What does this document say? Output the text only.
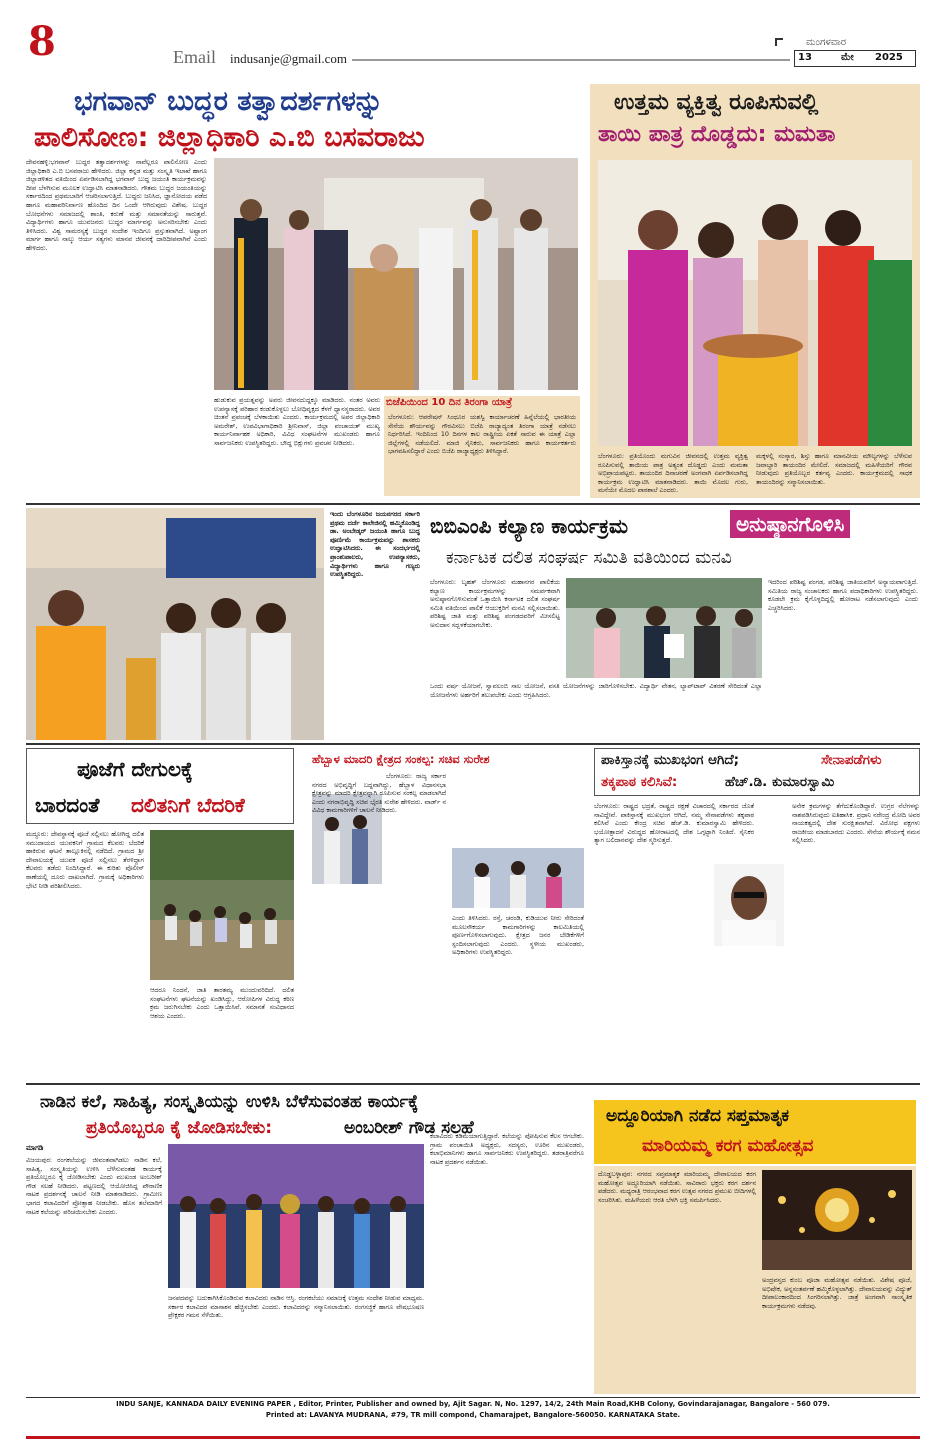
8	Email indusanje@gmail.com
ಮಂಗಳವಾರ
13	ಮೇ 2025
ಭಗವಾನ್ ಬುದ್ಧರ ತತ್ವಾದರ್ಶಗಳನ್ನು
ಪಾಲಿಸೋಣ: ಜಿಲ್ಲಾಧಿಕಾರಿ ಎ.ಬಿ ಬಸವರಾಜು
ದೇವನಹಳ್ಳಿ:ಭಗವಾನ್ ಬುದ್ಧರ ತತ್ವಾದರ್ಶಗಳನ್ನು ನಾವೆಲ್ಲರೂ ಪಾಲಿಸೋಣ ಎಂದು ಜಿಲ್ಲಾಧಿಕಾರಿ ಎ.ಬಿ ಬಸವರಾಜು ಹೇಳಿದರು. ಜಿಲ್ಲಾ ಕನ್ನಡ ಮತ್ತು ಸಂಸ್ಕೃತಿ ಇಲಾಖೆ ಹಾಗೂ ಜಿಲ್ಲಾಡಳಿತದ ವತಿಯಿಂದ ಏರ್ಪಡಿಸಲಾಗಿದ್ದ ಭಗವಾನ್ ಬುದ್ಧ ಜಯಂತಿ ಕಾರ್ಯಕ್ರಮವನ್ನು ದೀಪ ಬೆಳಗಿಸುವ ಮೂಲಕ ಉದ್ಘಾಟಿಸಿ ಮಾತನಾಡಿದರು. ಗೌತಮ ಬುದ್ಧರ ಜಯಂತಿಯನ್ನು ಸರ್ಕಾರದಿಂದ ಪ್ರಥಮಬಾರಿಗೆ ಆಚರಿಸಲಾಗುತ್ತಿದೆ. ಬುದ್ಧರು ಜನಿಸಿದ, ಜ್ಞಾನೋದಯ ಪಡೆದ ಹಾಗೂ ಮಹಾಪರಿನಿರ್ವಾಣ ಹೊಂದಿದ ದಿನ ಒಂದೇ ಆಗಿರುವುದು ವಿಶೇಷ. ಬುದ್ಧರ ಬೋಧನೆಗಳು ಸಮಾಜದಲ್ಲಿ ಶಾಂತಿ, ಕರುಣೆ ಮತ್ತು ಸಮಾನತೆಯನ್ನು ಸಾರುತ್ತವೆ. ವಿದ್ಯಾರ್ಥಿಗಳು ಹಾಗೂ ಯುವಜನರು ಬುದ್ಧರ ಮಾರ್ಗವನ್ನು ಅನುಸರಿಸಬೇಕು ಎಂದು ತಿಳಿಸಿದರು. ವಿಶ್ವ ಸಾಮರಸ್ಯಕ್ಕೆ ಬುದ್ಧರ ಸಂದೇಶ ಇಂದಿಗೂ ಪ್ರಸ್ತುತವಾಗಿದೆ. ಅಷ್ಟಾಂಗ ಮಾರ್ಗ ಹಾಗೂ ನಾಲ್ಕು ಆರ್ಯ ಸತ್ಯಗಳು ಮಾನವ ಜೀವನಕ್ಕೆ ದಾರಿದೀಪವಾಗಿವೆ ಎಂದು ಹೇಳಿದರು.
ಹುಡುಕುವ ಪ್ರಯತ್ನವನ್ನು ಅವರು ಜೀವನದುದ್ದಕ್ಕೂ ಮಾಡಿದರು. ನಂತರ ಅವರು ಉಪನ್ಯಾಸಕ್ಕೆ ಪರಿಹಾರ ಕಂಡುಕೊಳ್ಳಲು ಬೋಧಿವೃಕ್ಷದ ಕೆಳಗೆ ಧ್ಯಾನಸ್ಥರಾದರು. ಅವರ ಚಿಂತನೆ ಪ್ರಪಂಚಕ್ಕೆ ಬೆಳಕಾಯಿತು ಎಂದರು. ಕಾರ್ಯಕ್ರಮದಲ್ಲಿ ಅಪರ ಜಿಲ್ಲಾಧಿಕಾರಿ ಅಮರೇಶ್, ಉಪವಿಭಾಗಾಧಿಕಾರಿ ಶ್ರೀನಿವಾಸ್, ಜಿಲ್ಲಾ ಪಂಚಾಯತ್ ಮುಖ್ಯ ಕಾರ್ಯನಿರ್ವಾಹಕ ಅಧಿಕಾರಿ, ವಿವಿಧ ಸಂಘಟನೆಗಳ ಮುಖಂಡರು ಹಾಗೂ ಸಾರ್ವಜನಿಕರು ಉಪಸ್ಥಿತರಿದ್ದರು. ಬೌದ್ಧ ಭಿಕ್ಷುಗಳು ಪ್ರವಚನ ನೀಡಿದರು.
ಬಿಜೆಪಿಯಿಂದ 10 ದಿನ ತಿರಂಗಾ ಯಾತ್ರೆ
ಬೆಂಗಳೂರು: ಆಪರೇಷನ್ ಸಿಂಧೂರ ಯಶಸ್ವಿ ಕಾರ್ಯಾಚರಣೆ ಹಿನ್ನೆಲೆಯಲ್ಲಿ ಭಾರತೀಯ ಸೇನೆಯ ಶೌರ್ಯವನ್ನು ಗೌರವಿಸಲು ಬಿಜೆಪಿ ರಾಜ್ಯಾದ್ಯಂತ ತಿರಂಗಾ ಯಾತ್ರೆ ನಡೆಸಲು ನಿರ್ಧರಿಸಿದೆ. ಇಂದಿನಿಂದ 10 ದಿನಗಳ ಕಾಲ ರಾಷ್ಟ್ರೀಯ ಏಕತೆ ಸಾರುವ ಈ ಯಾತ್ರೆ ಎಲ್ಲಾ ಜಿಲ್ಲೆಗಳಲ್ಲಿ ನಡೆಯಲಿದೆ. ಮಾಜಿ ಸೈನಿಕರು, ಸಾರ್ವಜನಿಕರು ಹಾಗೂ ಕಾರ್ಯಕರ್ತರು ಭಾಗವಹಿಸಲಿದ್ದಾರೆ ಎಂದು ಬಿಜೆಪಿ ರಾಜ್ಯಾಧ್ಯಕ್ಷರು ತಿಳಿಸಿದ್ದಾರೆ.
ಉತ್ತಮ ವ್ಯಕ್ತಿತ್ವ ರೂಪಿಸುವಲ್ಲಿ
ತಾಯಿ ಪಾತ್ರ ದೊಡ್ಡದು: ಮಮತಾ
ಬೆಂಗಳೂರು: ಪ್ರತಿಯೊಂದು ಮಗುವಿನ ಜೀವನದಲ್ಲಿ ಉತ್ತಮ ವ್ಯಕ್ತಿತ್ವ ರೂಪಿಸುವಲ್ಲಿ ತಾಯಿಯ ಪಾತ್ರ ಅತ್ಯಂತ ದೊಡ್ಡದು ಎಂದು ಮಮತಾ ಅಭಿಪ್ರಾಯಪಟ್ಟರು. ತಾಯಂದಿರ ದಿನಾಚರಣೆ ಅಂಗವಾಗಿ ಏರ್ಪಡಿಸಲಾಗಿದ್ದ ಕಾರ್ಯಕ್ರಮ ಉದ್ಘಾಟಿಸಿ ಮಾತನಾಡಿದರು. ತಾಯಿ ಮೊದಲ ಗುರು, ಮನೆಯೇ ಮೊದಲ ಪಾಠಶಾಲೆ ಎಂದರು.
ಮಕ್ಕಳಲ್ಲಿ ಸಂಸ್ಕಾರ, ಶಿಸ್ತು ಹಾಗೂ ಮಾನವೀಯ ಮೌಲ್ಯಗಳನ್ನು ಬೆಳೆಸುವ ಜವಾಬ್ದಾರಿ ತಾಯಂದಿರ ಮೇಲಿದೆ. ಸಮಾಜದಲ್ಲಿ ಮಹಿಳೆಯರಿಗೆ ಗೌರವ ನೀಡುವುದು ಪ್ರತಿಯೊಬ್ಬರ ಕರ್ತವ್ಯ ಎಂದರು. ಕಾರ್ಯಕ್ರಮದಲ್ಲಿ ಸಾಧಕ ತಾಯಂದಿರನ್ನು ಸನ್ಮಾನಿಸಲಾಯಿತು.
ಇಂದು ಬೆಂಗಳೂರಿನ ಜಯನಗರದ ಸರ್ಕಾರಿ ಪ್ರಥಮ ದರ್ಜೆ ಕಾಲೇಜಿನಲ್ಲಿ ಹಮ್ಮಿಕೊಂಡಿದ್ದ ಡಾ. ಅಂಬೇಡ್ಕರ್ ಜಯಂತಿ ಹಾಗೂ ಬುದ್ಧ ಪೂರ್ಣಿಮೆ ಕಾರ್ಯಕ್ರಮವನ್ನು ಶಾಸಕರು ಉದ್ಘಾಟಿಸಿದರು. ಈ ಸಂದರ್ಭದಲ್ಲಿ ಪ್ರಾಂಶುಪಾಲರು, ಉಪನ್ಯಾಸಕರು, ವಿದ್ಯಾರ್ಥಿಗಳು ಹಾಗೂ ಗಣ್ಯರು ಉಪಸ್ಥಿತರಿದ್ದರು.
ಬಿಬಿಎಂಪಿ ಕಲ್ಯಾಣ ಕಾರ್ಯಕ್ರಮ	ಅನುಷ್ಠಾನಗೊಳಿಸಿ
ಕರ್ನಾಟಕ ದಲಿತ ಸಂಘರ್ಷ ಸಮಿತಿ ವತಿಯಿಂದ ಮನವಿ
ಬೆಂಗಳೂರು: ಬೃಹತ್ ಬೆಂಗಳೂರು ಮಹಾನಗರ ಪಾಲಿಕೆಯ ಕಲ್ಯಾಣ ಕಾರ್ಯಕ್ರಮಗಳನ್ನು ಸಮರ್ಪಕವಾಗಿ ಅನುಷ್ಠಾನಗೊಳಿಸುವಂತೆ ಒತ್ತಾಯಿಸಿ ಕರ್ನಾಟಕ ದಲಿತ ಸಂಘರ್ಷ ಸಮಿತಿ ವತಿಯಿಂದ ಪಾಲಿಕೆ ಆಯುಕ್ತರಿಗೆ ಮನವಿ ಸಲ್ಲಿಸಲಾಯಿತು. ಪರಿಶಿಷ್ಟ ಜಾತಿ ಮತ್ತು ಪರಿಶಿಷ್ಟ ಪಂಗಡದವರಿಗೆ ಮೀಸಲಿಟ್ಟ ಅನುದಾನ ಸದ್ಬಳಕೆಯಾಗಬೇಕು.
ಇದರಿಂದ ಪರಿಶಿಷ್ಟ ಪಂಗಡ, ಪರಿಶಿಷ್ಟ ಜಾತಿಯವರಿಗೆ ಅನ್ಯಾಯವಾಗುತ್ತಿದೆ. ಸಮಿತಿಯ ರಾಜ್ಯ ಸಂಚಾಲಕರು ಹಾಗೂ ಪದಾಧಿಕಾರಿಗಳು ಉಪಸ್ಥಿತರಿದ್ದರು. ಕೂಡಲೇ ಕ್ರಮ ಕೈಗೊಳ್ಳದಿದ್ದಲ್ಲಿ ಹೋರಾಟ ನಡೆಸಲಾಗುವುದು ಎಂದು ಎಚ್ಚರಿಸಿದರು.
ಒಂದು ವರ್ಷ ಯೋಜನೆ, ಸ್ವಾವಲಂಬಿ ಸಾಲ ಯೋಜನೆ, ವಸತಿ ಯೋಜನೆಗಳನ್ನು ಜಾರಿಗೊಳಿಸಬೇಕು. ವಿದ್ಯಾರ್ಥಿ ವೇತನ, ಲ್ಯಾಪ್‌ಟಾಪ್ ವಿತರಣೆ ಸೇರಿದಂತೆ ಎಲ್ಲಾ ಯೋಜನೆಗಳು ಅರ್ಹರಿಗೆ ತಲುಪಬೇಕು ಎಂದು ಆಗ್ರಹಿಸಿದರು.
ಪೂಜೆಗೆ ದೇಗುಲಕ್ಕೆ
ಬಾರದಂತೆ ದಲಿತನಿಗೆ ಬೆದರಿಕೆ
ಮದ್ದೂರು: ದೇವಸ್ಥಾನಕ್ಕೆ ಪೂಜೆ ಸಲ್ಲಿಸಲು ಹೋಗಿದ್ದ ದಲಿತ ಸಮುದಾಯದ ಯುವಕನಿಗೆ ಗ್ರಾಮದ ಕೆಲವರು ಬೆದರಿಕೆ ಹಾಕಿರುವ ಘಟನೆ ತಾಲ್ಲೂಕಿನಲ್ಲಿ ನಡೆದಿದೆ. ಗ್ರಾಮದ ಶ್ರೀ ದೇವಾಲಯಕ್ಕೆ ಯುವಕ ಪೂಜೆ ಸಲ್ಲಿಸಲು ತೆರಳಿದ್ದಾಗ ಕೆಲವರು ತಡೆದು ನಿಂದಿಸಿದ್ದಾರೆ. ಈ ಕುರಿತು ಪೊಲೀಸ್ ಠಾಣೆಯಲ್ಲಿ ದೂರು ದಾಖಲಾಗಿದೆ. ಗ್ರಾಮಕ್ಕೆ ಅಧಿಕಾರಿಗಳು ಭೇಟಿ ನೀಡಿ ಪರಿಶೀಲಿಸಿದರು.
ಆದರೂ ನಿಂದನೆ, ಜಾತಿ ತಾರತಮ್ಯ ಮುಂದುವರಿದಿದೆ. ದಲಿತ ಸಂಘಟನೆಗಳು ಘಟನೆಯನ್ನು ಖಂಡಿಸಿದ್ದು, ಆರೋಪಿಗಳ ವಿರುದ್ಧ ಕಠಿಣ ಕ್ರಮ ಜರುಗಿಸಬೇಕು ಎಂದು ಒತ್ತಾಯಿಸಿವೆ. ಸಮಾನತೆ ಸಂವಿಧಾನದ ಆಶಯ ಎಂದರು.
ಹೆಬ್ಬಾಳ ಮಾದರಿ ಕ್ಷೇತ್ರದ ಸಂಕಲ್ಪ: ಸಚಿವ ಸುರೇಶ
ಬೆಂಗಳೂರು: ರಾಜ್ಯ ಸರ್ಕಾರ ನಗರದ ಅಭಿವೃದ್ಧಿಗೆ ಬದ್ಧವಾಗಿದ್ದು, ಹೆಬ್ಬಾಳ ವಿಧಾನಸಭಾ ಕ್ಷೇತ್ರವನ್ನು ಮಾದರಿ ಕ್ಷೇತ್ರವನ್ನಾಗಿ ರೂಪಿಸುವ ಸಂಕಲ್ಪ ಮಾಡಲಾಗಿದೆ ಎಂದು ನಗರಾಭಿವೃದ್ಧಿ ಸಚಿವ ಭೈರತಿ ಸುರೇಶ ಹೇಳಿದರು. ವಾರ್ಡ್ ನ ವಿವಿಧ ಕಾಮಗಾರಿಗಳಿಗೆ ಚಾಲನೆ ನೀಡಿದರು.
ಎಂದು ತಿಳಿಸಿದರು. ರಸ್ತೆ, ಚರಂಡಿ, ಕುಡಿಯುವ ನೀರು ಸೇರಿದಂತೆ ಮೂಲಸೌಕರ್ಯ ಕಾಮಗಾರಿಗಳನ್ನು ಕಾಲಮಿತಿಯಲ್ಲಿ ಪೂರ್ಣಗೊಳಿಸಲಾಗುವುದು. ಕ್ಷೇತ್ರದ ಜನರ ಬೇಡಿಕೆಗಳಿಗೆ ಸ್ಪಂದಿಸಲಾಗುವುದು ಎಂದರು. ಸ್ಥಳೀಯ ಮುಖಂಡರು, ಅಧಿಕಾರಿಗಳು ಉಪಸ್ಥಿತರಿದ್ದರು.
ಪಾಕಿಸ್ತಾನಕ್ಕೆ ಮುಖಭಂಗ ಆಗಿದೆ;	ಸೇನಾಪಡೆಗಳು
ತಕ್ಕಪಾಠ ಕಲಿಸಿವೆ:	ಹೆಚ್.ಡಿ. ಕುಮಾರಸ್ವಾಮಿ
ಬೆಂಗಳೂರು: ರಾಷ್ಟ್ರದ ಭದ್ರತೆ, ರಾಷ್ಟ್ರದ ರಕ್ಷಣೆ ವಿಚಾರದಲ್ಲಿ ಸರ್ಕಾರದ ಜೊತೆ ನಾವಿದ್ದೇವೆ. ಪಾಕಿಸ್ತಾನಕ್ಕೆ ಮುಖಭಂಗ ಆಗಿದೆ, ನಮ್ಮ ಸೇನಾಪಡೆಗಳು ತಕ್ಕಪಾಠ ಕಲಿಸಿವೆ ಎಂದು ಕೇಂದ್ರ ಸಚಿವ ಹೆಚ್.ಡಿ. ಕುಮಾರಸ್ವಾಮಿ ಹೇಳಿದರು. ಭಯೋತ್ಪಾದನೆ ವಿರುದ್ಧದ ಹೋರಾಟದಲ್ಲಿ ದೇಶ ಒಗ್ಗಟ್ಟಾಗಿ ನಿಂತಿದೆ. ಸೈನಿಕರ ತ್ಯಾಗ ಬಲಿದಾನವನ್ನು ದೇಶ ಸ್ಮರಿಸುತ್ತದೆ.
ಅನೇಕ ಕ್ರಮಗಳನ್ನು ತೆಗೆದುಕೊಂಡಿದ್ದಾರೆ. ಉಗ್ರರ ನೆಲೆಗಳನ್ನು ನಾಶಪಡಿಸಿರುವುದು ಐತಿಹಾಸಿಕ. ಪ್ರಧಾನಿ ನರೇಂದ್ರ ಮೋದಿ ಅವರ ನಾಯಕತ್ವದಲ್ಲಿ ದೇಶ ಸುರಕ್ಷಿತವಾಗಿದೆ. ವಿರೋಧ ಪಕ್ಷಗಳು ರಾಜಕೀಯ ಮಾಡಬಾರದು ಎಂದರು. ಸೇನೆಯ ಶೌರ್ಯಕ್ಕೆ ನಮನ ಸಲ್ಲಿಸಿದರು.
ನಾಡಿನ ಕಲೆ, ಸಾಹಿತ್ಯ, ಸಂಸ್ಕೃತಿಯನ್ನು ಉಳಿಸಿ ಬೆಳೆಸುವಂತಹ ಕಾರ್ಯಕ್ಕೆ
ಪ್ರತಿಯೊಬ್ಬರೂ ಕೈ ಜೋಡಿಸಬೇಕು:	ಅಂಬರೀಶ್ ಗೌಡ ಸಲಹೆ
ಮಾಗಡಿ
ವಿಜಯಪುರ: ರಂಗಕಲೆಯನ್ನು ಜೀವಂತವಾಗಿಡಲು ನಾಡಿನ ಕಲೆ, ಸಾಹಿತ್ಯ, ಸಂಸ್ಕೃತಿಯನ್ನು ಉಳಿಸಿ ಬೆಳೆಸುವಂತಹ ಕಾರ್ಯಕ್ಕೆ ಪ್ರತಿಯೊಬ್ಬರೂ ಕೈ ಜೋಡಿಸಬೇಕು ಎಂದು ಮುಖಂಡ ಅಂಬರೀಶ್ ಗೌಡ ಸಲಹೆ ನೀಡಿದರು. ಪಟ್ಟಣದಲ್ಲಿ ಆಯೋಜಿಸಿದ್ದ ಪೌರಾಣಿಕ ನಾಟಕ ಪ್ರದರ್ಶನಕ್ಕೆ ಚಾಲನೆ ನೀಡಿ ಮಾತನಾಡಿದರು. ಗ್ರಾಮೀಣ ಭಾಗದ ಕಲಾವಿದರಿಗೆ ಪ್ರೋತ್ಸಾಹ ನೀಡಬೇಕು. ಹೊಸ ತಲೆಮಾರಿಗೆ ನಾಟಕ ಕಲೆಯನ್ನು ಪರಿಚಯಿಸಬೇಕು ಎಂದರು.
ಜನಪದವನ್ನು ಬದುಕಾಗಿಸಿಕೊಂಡಿರುವ ಕಲಾವಿದರು ನಾಡಿನ ಆಸ್ತಿ. ರಂಗಕಲೆಯು ಸಮಾಜಕ್ಕೆ ಉತ್ತಮ ಸಂದೇಶ ನೀಡುವ ಮಾಧ್ಯಮ. ಸರ್ಕಾರ ಕಲಾವಿದರ ಮಾಸಾಶನ ಹೆಚ್ಚಿಸಬೇಕು ಎಂದರು. ಕಲಾವಿದರನ್ನು ಸನ್ಮಾನಿಸಲಾಯಿತು. ರಂಗಸಜ್ಜಿಕೆ ಹಾಗೂ ವೇಷಭೂಷಣ ಪ್ರೇಕ್ಷಕರ ಗಮನ ಸೆಳೆಯಿತು.
ಕಲಾವಿದರು ಕಡಿಮೆಯಾಗುತ್ತಿದ್ದಾರೆ. ಕಲೆಯನ್ನು ಪೋಷಿಸುವ ಕೆಲಸ ಆಗಬೇಕು. ಗ್ರಾಮ ಪಂಚಾಯಿತಿ ಅಧ್ಯಕ್ಷರು, ಸದಸ್ಯರು, ಊರಿನ ಮುಖಂಡರು, ಕಲಾಭಿಮಾನಿಗಳು ಹಾಗೂ ಸಾರ್ವಜನಿಕರು ಉಪಸ್ಥಿತರಿದ್ದರು. ತಡರಾತ್ರಿವರೆಗೂ ನಾಟಕ ಪ್ರದರ್ಶನ ನಡೆಯಿತು.
ಅದ್ದೂರಿಯಾಗಿ ನಡೆದ ಸಪ್ತಮಾತೃಕ
ಮಾರಿಯಮ್ಮ ಕರಗ ಮಹೋತ್ಸವ
ದೊಡ್ಡಬಳ್ಳಾಪುರ: ನಗರದ ಸಪ್ತಮಾತೃಕ ಮಾರಿಯಮ್ಮ ದೇವಾಲಯದ ಕರಗ ಮಹೋತ್ಸವ ಅದ್ದೂರಿಯಾಗಿ ನಡೆಯಿತು. ಸಾವಿರಾರು ಭಕ್ತರು ಕರಗ ದರ್ಶನ ಪಡೆದರು. ಮಧ್ಯರಾತ್ರಿ ಆರಂಭವಾದ ಕರಗ ಉತ್ಸವ ನಗರದ ಪ್ರಮುಖ ಬೀದಿಗಳಲ್ಲಿ ಸಂಚರಿಸಿತು. ಮಹಿಳೆಯರು ಆರತಿ ಬೆಳಗಿ ಭಕ್ತಿ ಸಮರ್ಪಿಸಿದರು.
ಅಂದ್ರವಸ್ತದ ಕುಂಬ ಪೂಜಾ ಮಹೋತ್ಸವ ನಡೆಯಿತು. ವಿಶೇಷ ಪೂಜೆ, ಅಭಿಷೇಕ, ಅನ್ನಸಂತರ್ಪಣೆ ಹಮ್ಮಿಕೊಳ್ಳಲಾಗಿತ್ತು. ದೇವಾಲಯವನ್ನು ವಿದ್ಯುತ್ ದೀಪಾಲಂಕಾರದಿಂದ ಸಿಂಗರಿಸಲಾಗಿತ್ತು. ಜಾತ್ರೆ ಅಂಗವಾಗಿ ಸಾಂಸ್ಕೃತಿಕ ಕಾರ್ಯಕ್ರಮಗಳು ನಡೆದವು.
INDU SANJE, KANNADA DAILY EVENING PAPER , Editor, Printer, Publisher and owned by, Ajit Sagar. N, No. 1297, 14/2, 24th Main Road,KHB Colony, Govindarajanagar, Bangalore - 560 079.
Printed at: LAVANYA MUDRANA, #79, TR mill compond, Chamarajpet, Bangalore-560050. KARNATAKA State.
